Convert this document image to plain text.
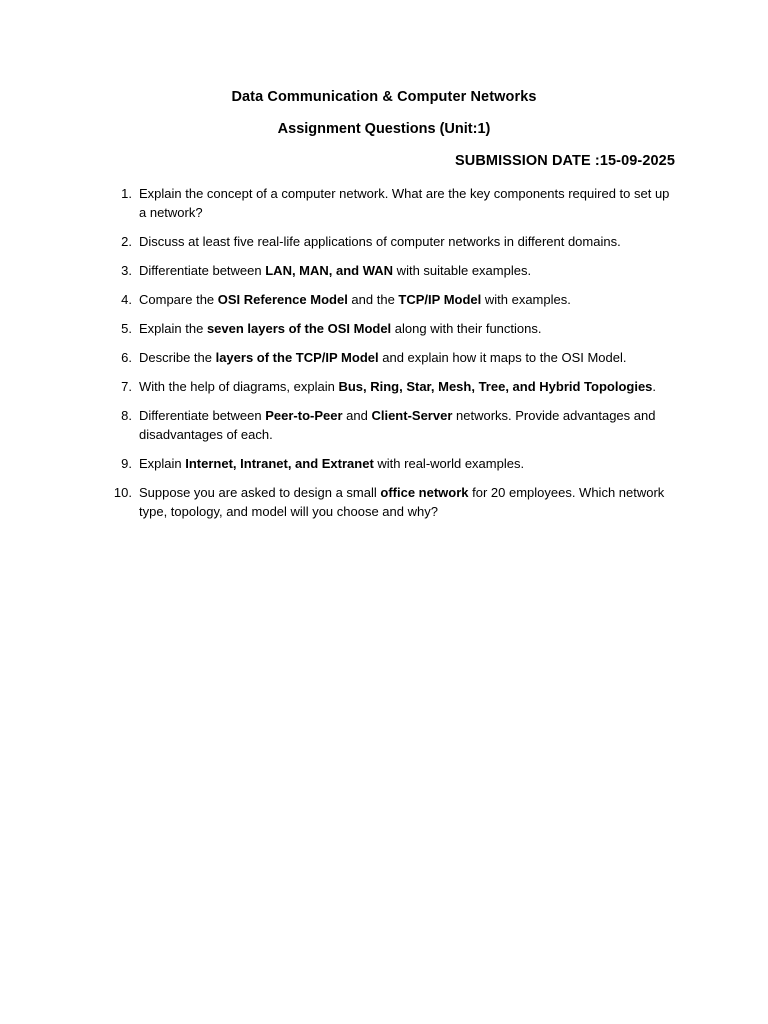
Data Communication & Computer Networks
Assignment Questions (Unit:1)
SUBMISSION DATE :15-09-2025
1. Explain the concept of a computer network. What are the key components required to set up a network?
2. Discuss at least five real-life applications of computer networks in different domains.
3. Differentiate between LAN, MAN, and WAN with suitable examples.
4. Compare the OSI Reference Model and the TCP/IP Model with examples.
5. Explain the seven layers of the OSI Model along with their functions.
6. Describe the layers of the TCP/IP Model and explain how it maps to the OSI Model.
7. With the help of diagrams, explain Bus, Ring, Star, Mesh, Tree, and Hybrid Topologies.
8. Differentiate between Peer-to-Peer and Client-Server networks. Provide advantages and disadvantages of each.
9. Explain Internet, Intranet, and Extranet with real-world examples.
10. Suppose you are asked to design a small office network for 20 employees. Which network type, topology, and model will you choose and why?
